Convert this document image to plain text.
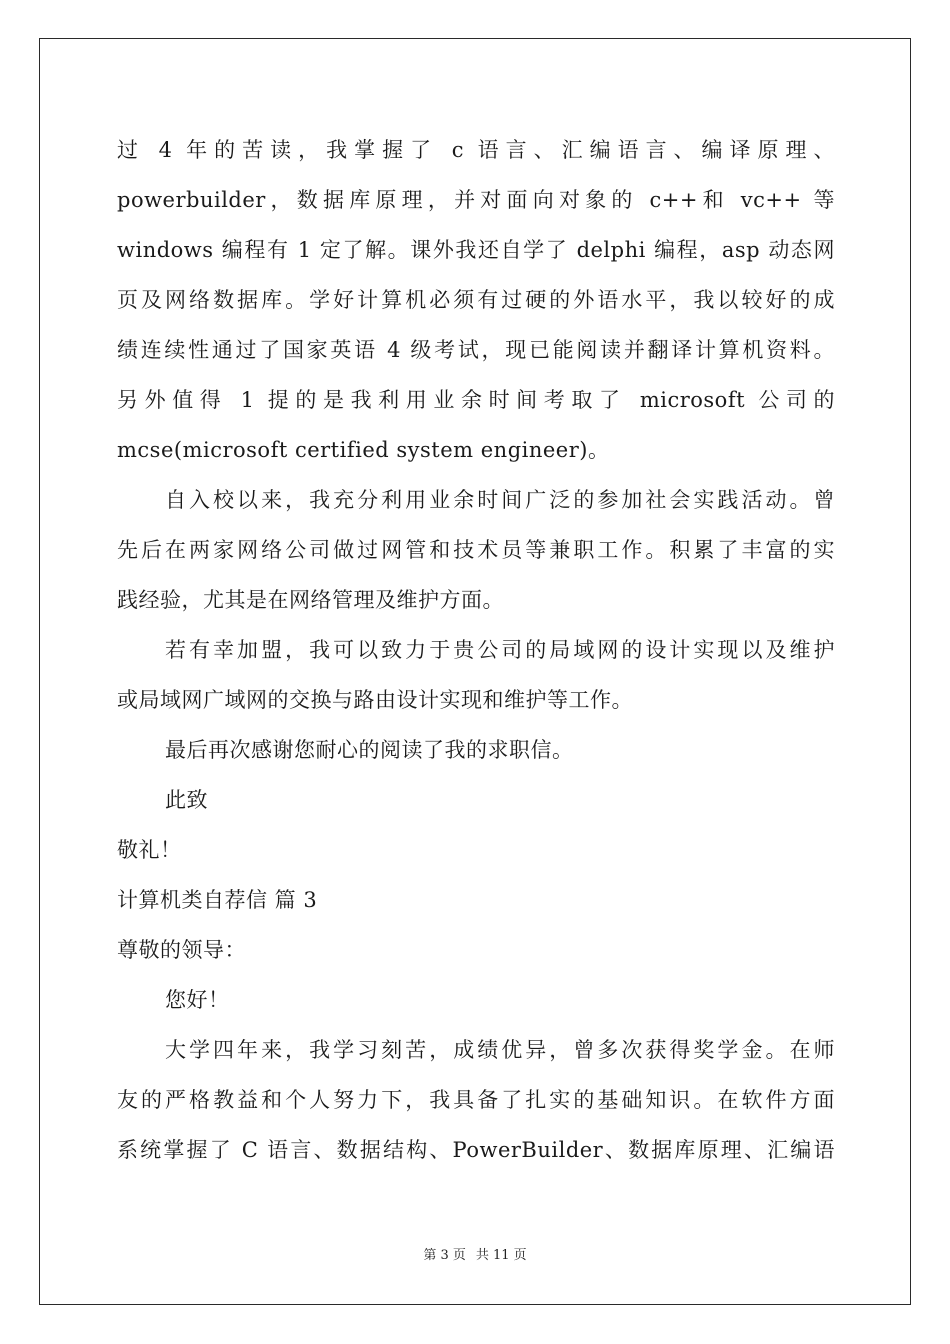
过 4 年的苦读，我掌握了 c 语言、汇编语言、编译原理、
powerbuilder，数据库原理，并对面向对象的 c++和 vc++ 等
windows 编程有 1 定了解。课外我还自学了 delphi 编程，asp 动态网
页及网络数据库。学好计算机必须有过硬的外语水平，我以较好的成
绩连续性通过了国家英语 4 级考试，现已能阅读并翻译计算机资料。
另外值得 1 提的是我利用业余时间考取了 microsoft 公司的
mcse(microsoft certified system engineer)。
自入校以来，我充分利用业余时间广泛的参加社会实践活动。曾
先后在两家网络公司做过网管和技术员等兼职工作。积累了丰富的实
践经验，尤其是在网络管理及维护方面。
若有幸加盟，我可以致力于贵公司的局域网的设计实现以及维护
或局域网广域网的交换与路由设计实现和维护等工作。
最后再次感谢您耐心的阅读了我的求职信。
此致
敬礼！
计算机类自荐信 篇 3
尊敬的领导：
您好！
大学四年来，我学习刻苦，成绩优异，曾多次获得奖学金。在师
友的严格教益和个人努力下，我具备了扎实的基础知识。在软件方面
系统掌握了 C 语言、数据结构、PowerBuilder、数据库原理、汇编语
第 3 页 共 11 页
